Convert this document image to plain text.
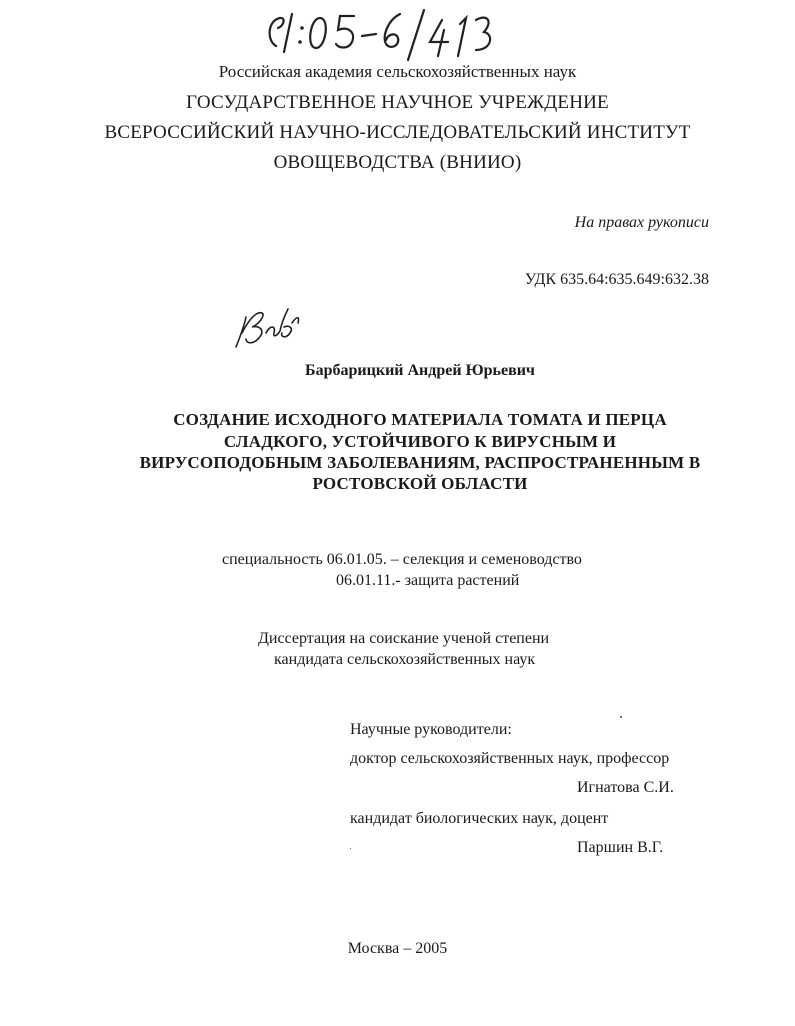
Российская академия сельскохозяйственных наук
ГОСУДАРСТВЕННОЕ НАУЧНОЕ УЧРЕЖДЕНИЕ
ВСЕРОССИЙСКИЙ НАУЧНО-ИССЛЕДОВАТЕЛЬСКИЙ ИНСТИТУТ
ОВОЩЕВОДСТВА (ВНИИО)
На правах рукописи
УДК 635.64:635.649:632.38
Барбарицкий Андрей Юрьевич
СОЗДАНИЕ ИСХОДНОГО МАТЕРИАЛА ТОМАТА И ПЕРЦА
СЛАДКОГО, УСТОЙЧИВОГО К ВИРУСНЫМ И
ВИРУСОПОДОБНЫМ ЗАБОЛЕВАНИЯМ, РАСПРОСТРАНЕННЫМ В
РОСТОВСКОЙ ОБЛАСТИ
специальность 06.01.05. – селекция и семеноводство
06.01.11.- защита растений
Диссертация на соискание ученой степени
кандидата сельскохозяйственных наук
Научные руководители:
доктор сельскохозяйственных наук, профессор
Игнатова С.И.
кандидат биологических наук, доцент
Паршин В.Г.
Москва – 2005
